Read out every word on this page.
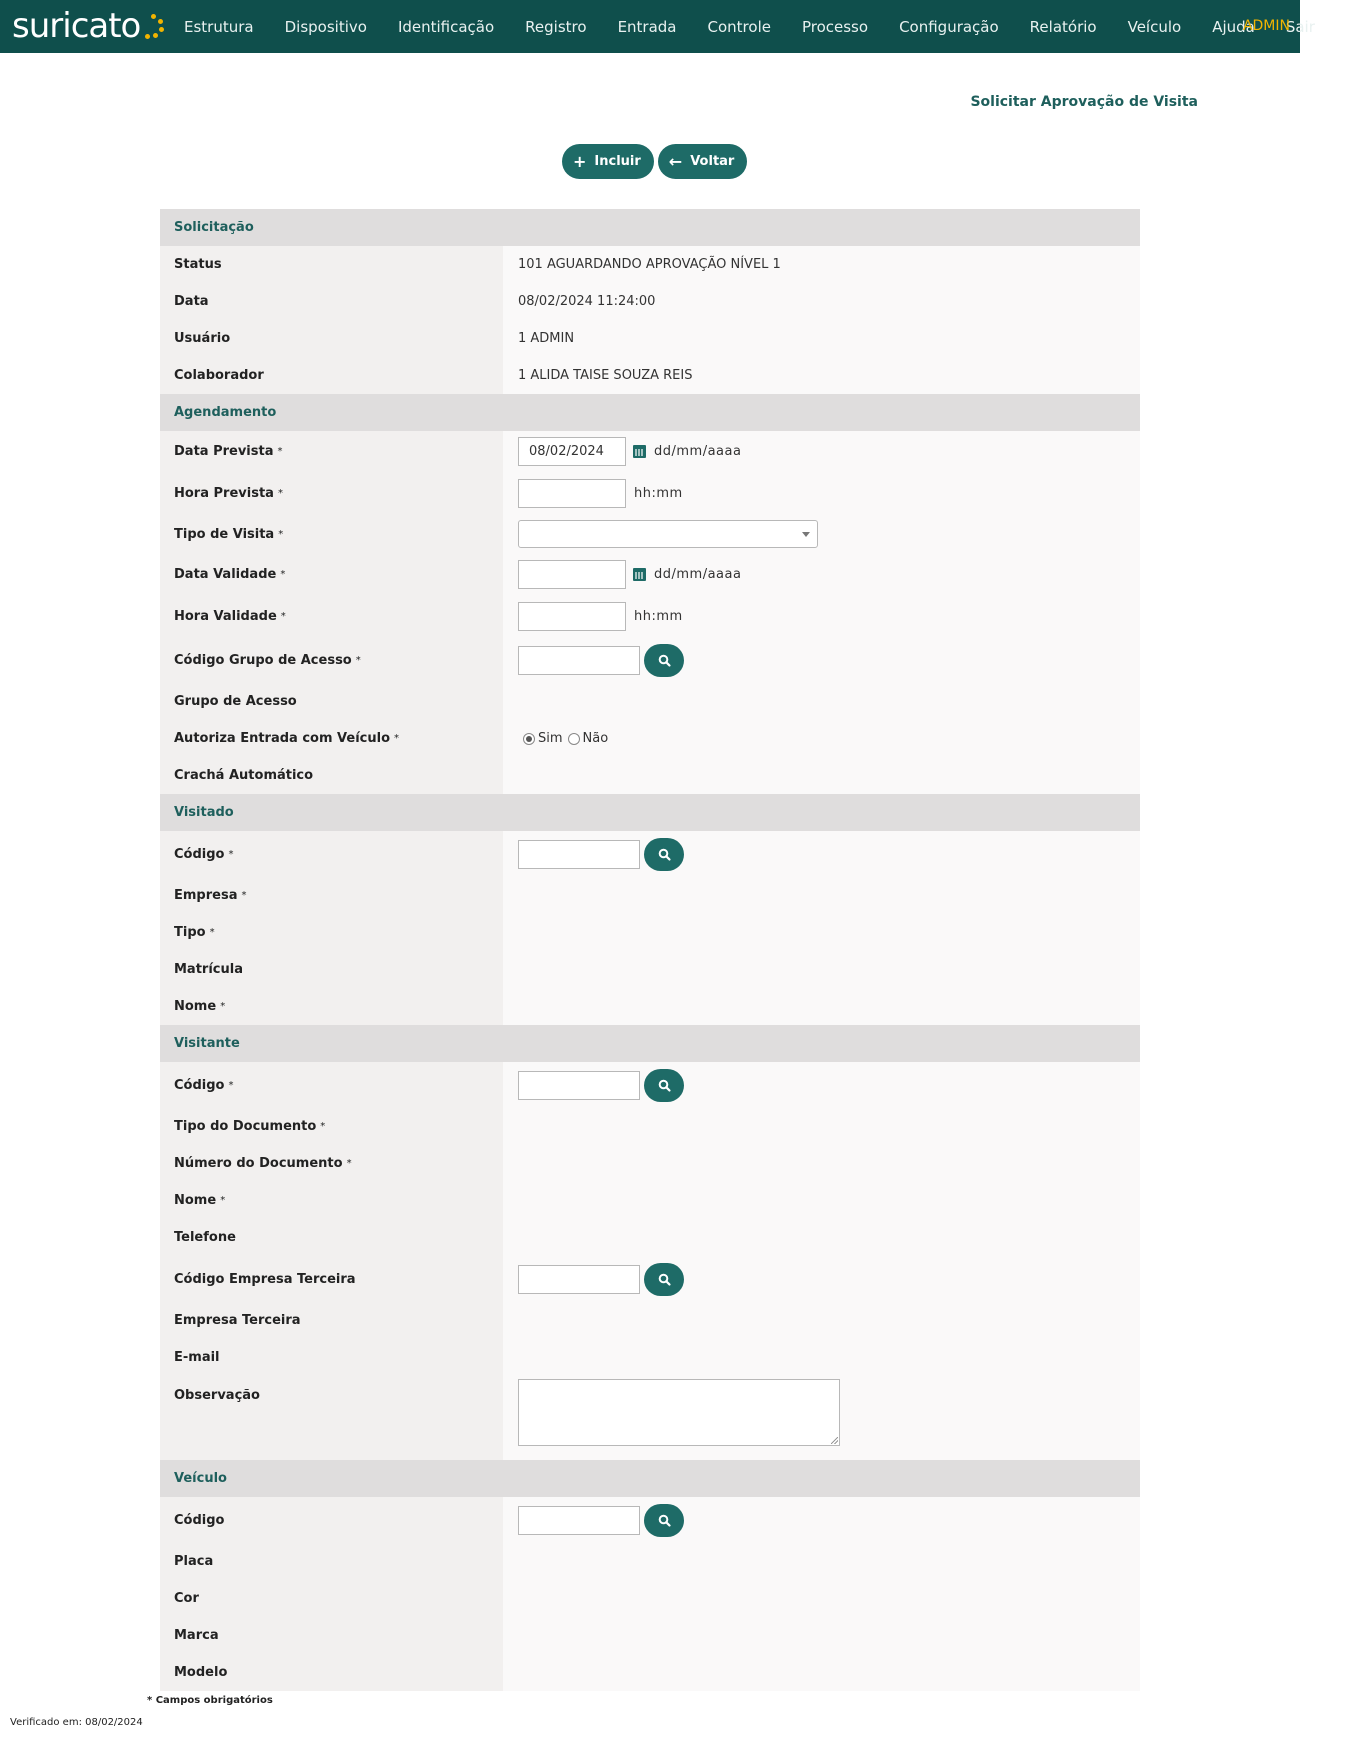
suricato	Estrutura Dispositivo Identificação Registro Entrada Controle Processo Configuração Relatório Veículo Ajuda Sair
ADMIN
Solicitar Aprovação de Visita
+ Incluir ← Voltar
Solicitação
Status	101 AGUARDANDO APROVAÇÃO NÍVEL 1
Data	08/02/2024 11:24:00
Usuário	1 ADMIN
Colaborador	1 ALIDA TAISE SOUZA REIS
Agendamento
Data Prevista *	08/02/2024	dd/mm/aaaa
Hora Prevista *	hh:mm
Tipo de Visita *
Data Validade *	dd/mm/aaaa
Hora Validade *	hh:mm
Código Grupo de Acesso *
Grupo de Acesso
Autoriza Entrada com Veículo *	Sim Não
Crachá Automático
Visitado
Código *
Empresa *
Tipo *
Matrícula
Nome *
Visitante
Código *
Tipo do Documento *
Número do Documento *
Nome *
Telefone
Código Empresa Terceira
Empresa Terceira
E-mail
Observação
Veículo
Código
Placa
Cor
Marca
Modelo
* Campos obrigatórios
Verificado em: 08/02/2024
